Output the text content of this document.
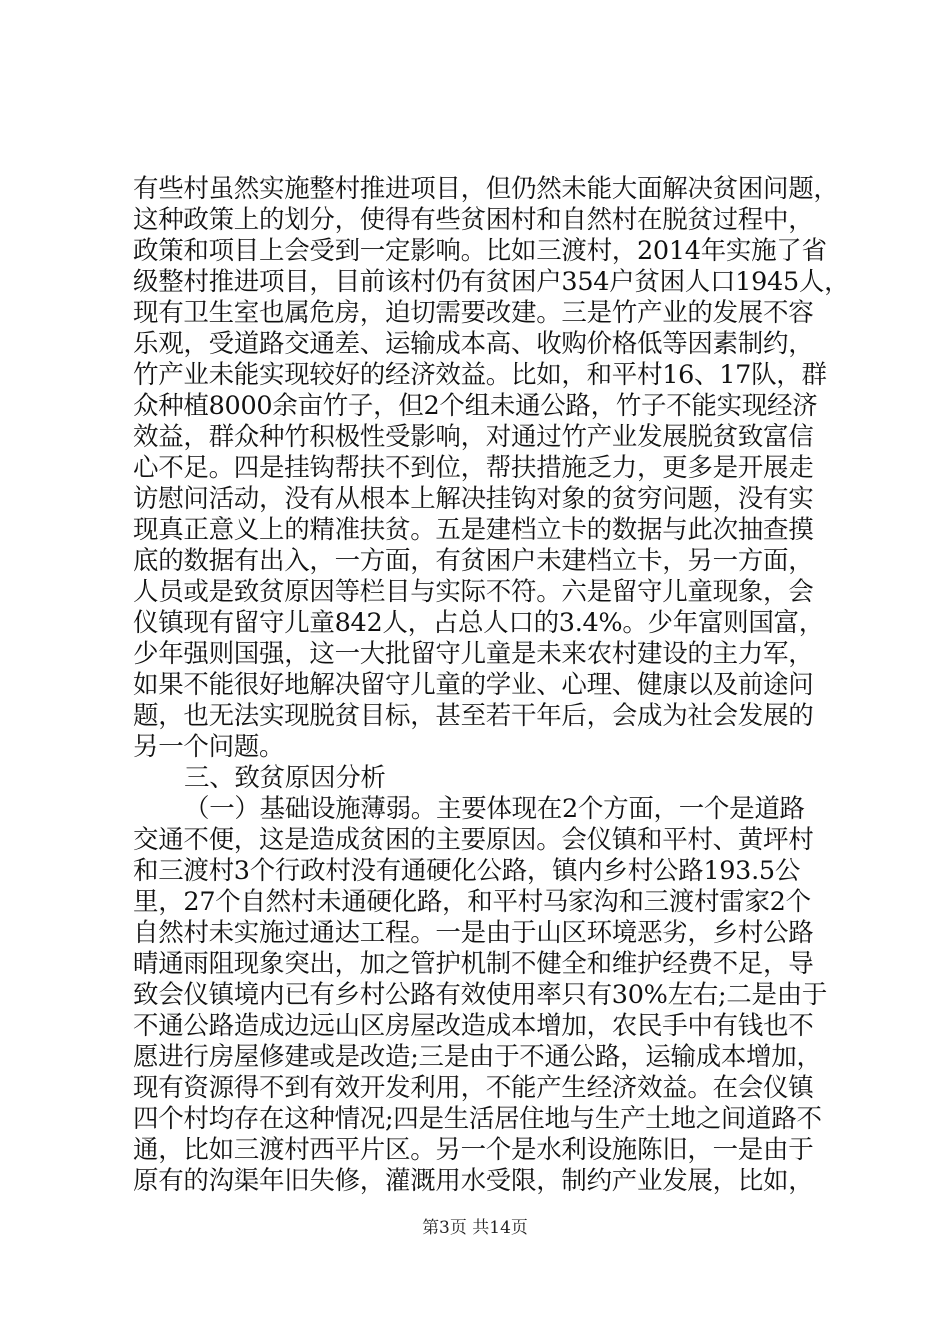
有些村虽然实施整村推进项目，但仍然未能大面解决贫困问题，
这种政策上的划分，使得有些贫困村和自然村在脱贫过程中，
政策和项目上会受到一定影响。比如三渡村，2014年实施了省
级整村推进项目，目前该村仍有贫困户354户贫困人口1945人，
现有卫生室也属危房，迫切需要改建。三是竹产业的发展不容
乐观，受道路交通差、运输成本高、收购价格低等因素制约，
竹产业未能实现较好的经济效益。比如，和平村16、17队，群
众种植8000余亩竹子，但2个组未通公路，竹子不能实现经济
效益，群众种竹积极性受影响，对通过竹产业发展脱贫致富信
心不足。四是挂钩帮扶不到位，帮扶措施乏力，更多是开展走
访慰问活动，没有从根本上解决挂钩对象的贫穷问题，没有实
现真正意义上的精准扶贫。五是建档立卡的数据与此次抽查摸
底的数据有出入，一方面，有贫困户未建档立卡，另一方面，
人员或是致贫原因等栏目与实际不符。六是留守儿童现象，会
仪镇现有留守儿童842人，占总人口的3.4%。少年富则国富，
少年强则国强，这一大批留守儿童是未来农村建设的主力军，
如果不能很好地解决留守儿童的学业、心理、健康以及前途问
题，也无法实现脱贫目标，甚至若干年后，会成为社会发展的
另一个问题。
三、致贫原因分析
（一）基础设施薄弱。主要体现在2个方面，一个是道路
交通不便，这是造成贫困的主要原因。会仪镇和平村、黄坪村
和三渡村3个行政村没有通硬化公路，镇内乡村公路193.5公
里，27个自然村未通硬化路，和平村马家沟和三渡村雷家2个
自然村未实施过通达工程。一是由于山区环境恶劣，乡村公路
晴通雨阻现象突出，加之管护机制不健全和维护经费不足，导
致会仪镇境内已有乡村公路有效使用率只有30%左右;二是由于
不通公路造成边远山区房屋改造成本增加，农民手中有钱也不
愿进行房屋修建或是改造;三是由于不通公路，运输成本增加，
现有资源得不到有效开发利用，不能产生经济效益。在会仪镇
四个村均存在这种情况;四是生活居住地与生产土地之间道路不
通，比如三渡村西平片区。另一个是水利设施陈旧，一是由于
原有的沟渠年旧失修，灌溉用水受限，制约产业发展，比如，
第3页 共14页
